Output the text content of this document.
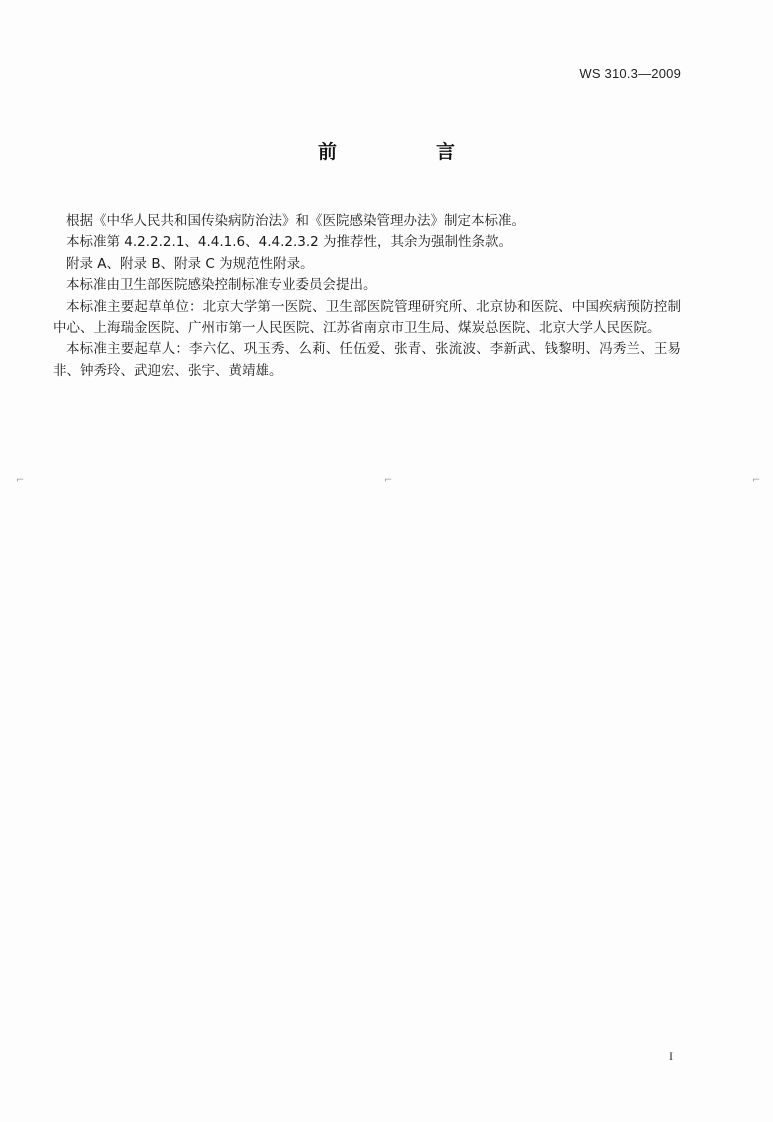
WS 310.3—2009
前　言

根据《中华人民共和国传染病防治法》和《医院感染管理办法》制定本标准。

本标准第 4.2.2.2.1、4.4.1.6、4.4.2.3.2 为推荐性，其余为强制性条款。

附录 A、附录 B、附录 C 为规范性附录。

本标准由卫生部医院感染控制标准专业委员会提出。

本标准主要起草单位：北京大学第一医院、卫生部医院管理研究所、北京协和医院、中国疾病预防控制中心、上海瑞金医院、广州市第一人民医院、江苏省南京市卫生局、煤炭总医院、北京大学人民医院。

本标准主要起草人：李六亿、巩玉秀、么莉、任伍爱、张青、张流波、李新武、钱黎明、冯秀兰、王易非、钟秀玲、武迎宏、张宇、黄靖雄。

⌐	⌐	⌐
I
